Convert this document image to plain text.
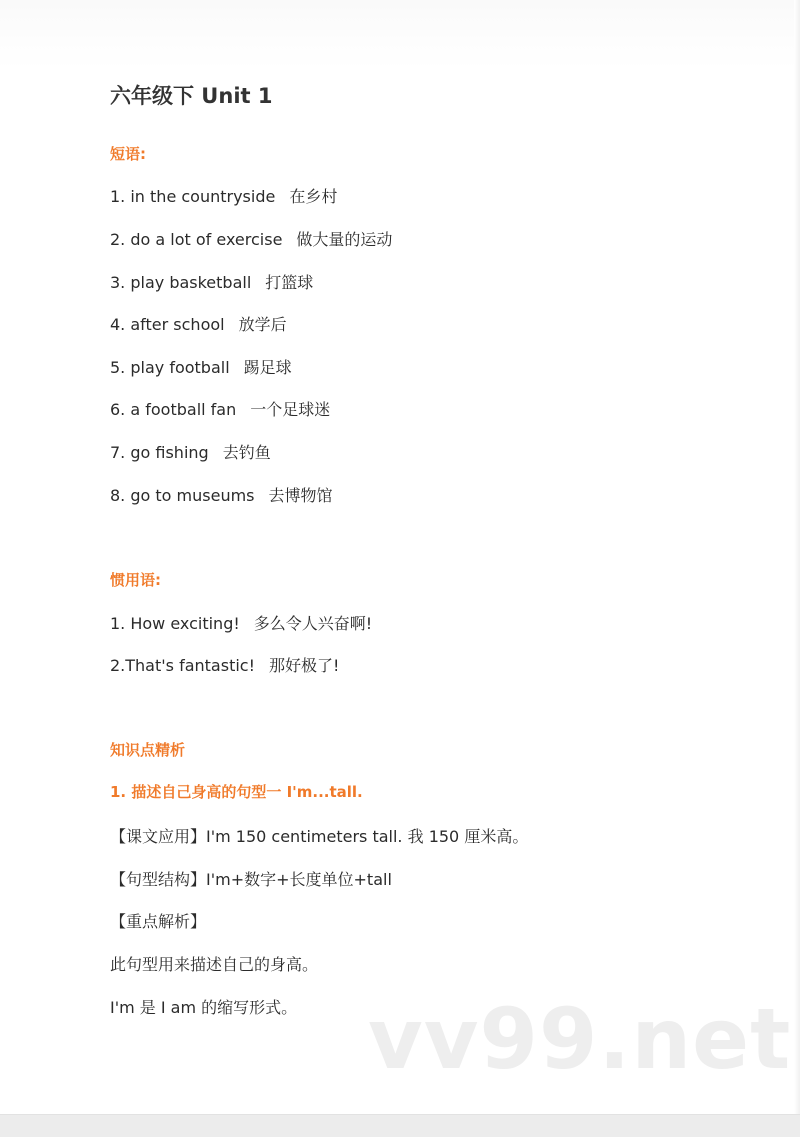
六年级下 Unit 1
短语:
1. in the countryside 在乡村
2. do a lot of exercise 做大量的运动
3. play basketball 打篮球
4. after school 放学后
5. play football 踢足球
6. a football fan 一个足球迷
7. go fishing 去钓鱼
8. go to museums 去博物馆
惯用语:
1. How exciting! 多么令人兴奋啊!
2.That's fantastic! 那好极了!
知识点精析
1. 描述自己身高的句型一 I'm...tall.
【课文应用】I'm 150 centimeters tall. 我 150 厘米高。
【句型结构】I'm+数字+长度单位+tall
【重点解析】
此句型用来描述自己的身高。
I'm 是 I am 的缩写形式。 vv99.net
